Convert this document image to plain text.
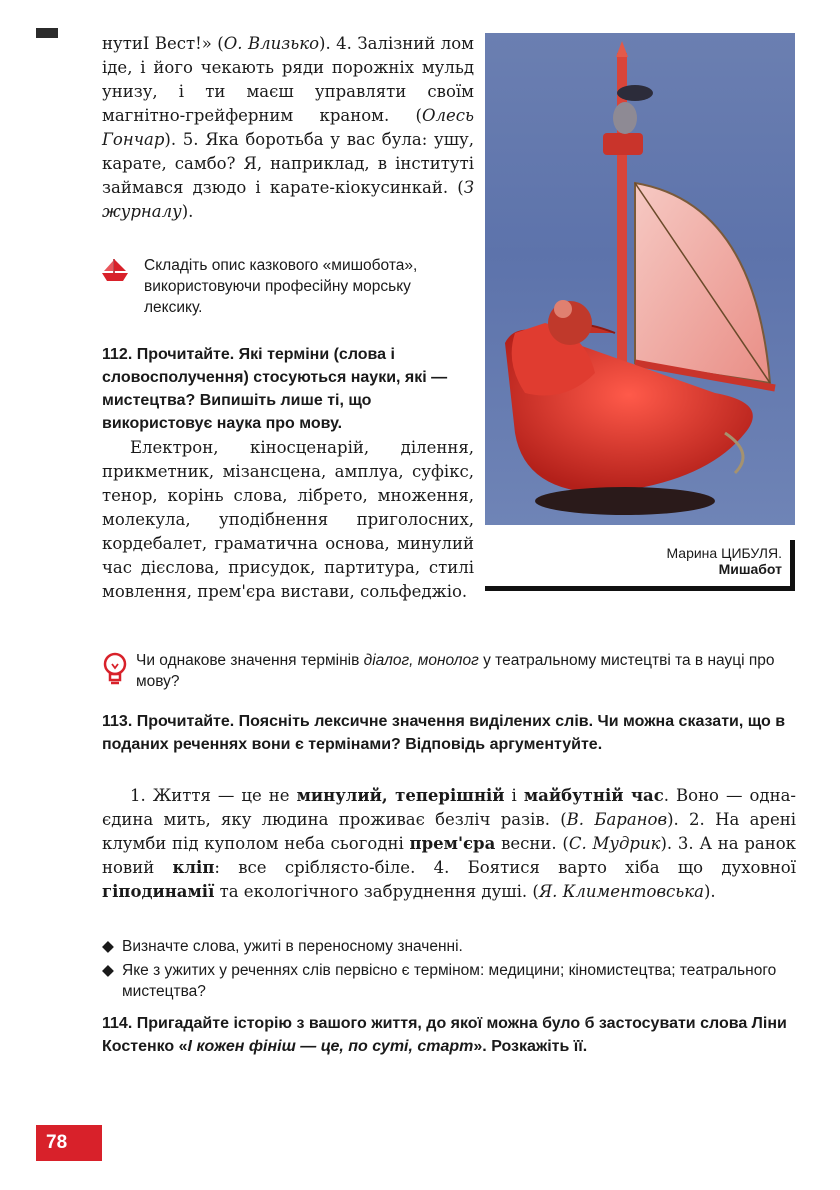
нутиІ Вест!» (О. Влизько). 4. Залізний лом іде, і його чекають ряди порожніх мульд унизу, і ти маєш управляти своїм магнітно-грейферним краном. (Олесь Гончар). 5. Яка боротьба у вас була: ушу, карате, самбо? Я, наприклад, в інституті займався дзюдо і карате-кіокусинкай. (З журналу).

Складіть опис казкового «мишобота», використовуючи професійну морську лексику.
112. Прочитайте. Які терміни (слова і словосполучення) стосуються науки, які — мистецтва? Випишіть лише ті, що використовує наука про мову.

Електрон, кіносценарій, ділення, прикметник, мізансцена, амплуа, суфікс, тенор, корінь слова, лібрето, множення, молекула, уподібнення приголосних, кордебалет, граматична основа, минулий час дієслова, присудок, партитура, стилі мовлення, прем'єра вистави, сольфеджіо.

Марина ЦИБУЛЯ.
Мишабот
Чи однакове значення термінів діалог, монолог у театральному мистецтві та в науці про мову?
113. Прочитайте. Поясніть лексичне значення виділених слів. Чи можна сказати, що в поданих реченнях вони є термінами? Відповідь аргументуйте.

1. Життя — це не минулий, теперішній і майбутній час. Воно — одна-єдина мить, яку людина проживає безліч разів. (В. Баранов). 2. На арені клумби під куполом неба сьогодні прем'єра весни. (С. Мудрик). 3. А на ранок новий кліп: все сріблясто-біле. 4. Боятися варто хіба що духовної гіподинамії та екологічного забруднення душі. (Я. Климентовська).

◆ Визначте слова, ужиті в переносному значенні.
◆ Яке з ужитих у реченнях слів первісно є терміном: медицини; кіномистецтва; театрального мистецтва?
114. Пригадайте історію з вашого життя, до якої можна було б застосувати слова Ліни Костенко «І кожен фініш — це, по суті, старт». Розкажіть її.
78
